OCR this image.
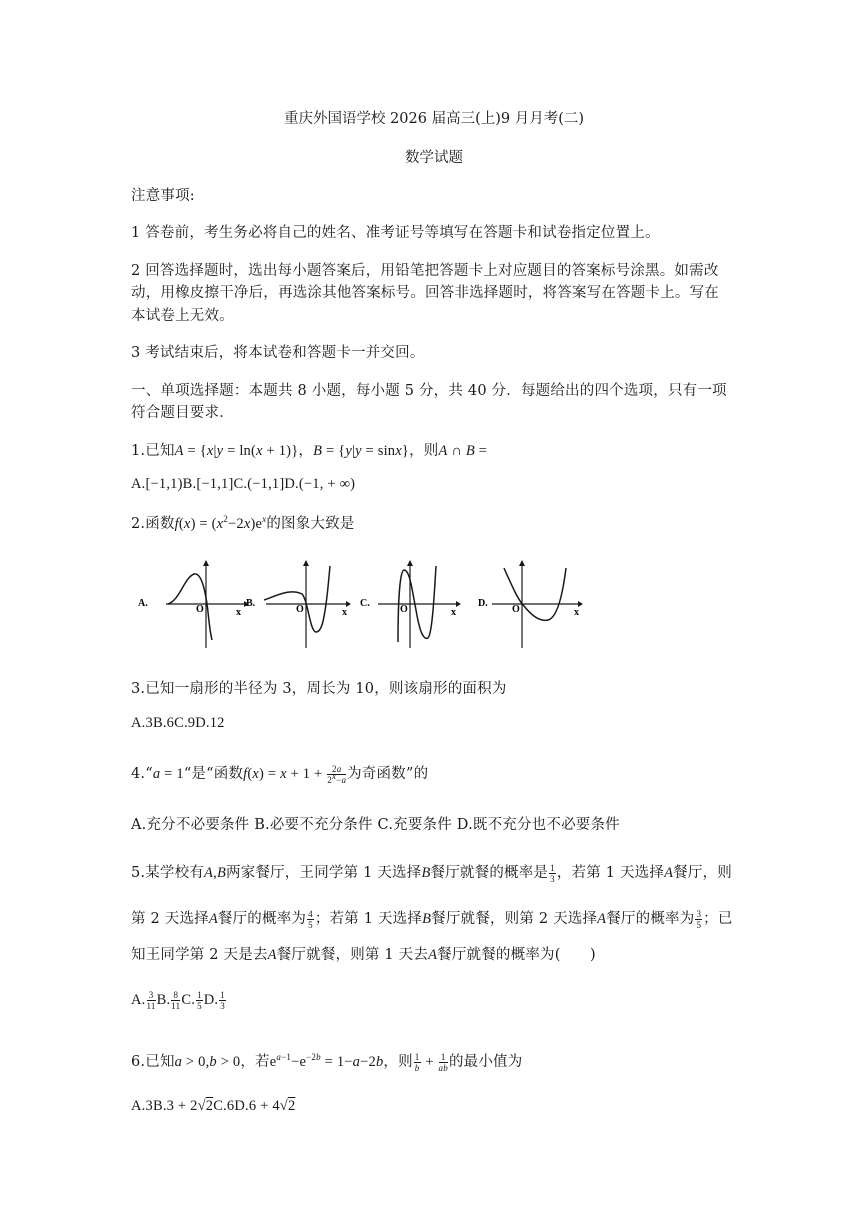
重庆外国语学校 2026 届高三(上)9 月月考(二)
数学试题
注意事项:
1 答卷前，考生务必将自己的姓名、准考证号等填写在答题卡和试卷指定位置上。
2 回答选择题时，选出每小题答案后，用铅笔把答题卡上对应题目的答案标号涂黑。如需改
动，用橡皮擦干净后，再选涂其他答案标号。回答非选择题时，将答案写在答题卡上。写在
本试卷上无效。
3 考试结束后，将本试卷和答题卡一并交回。
一、单项选择题：本题共 8 小题，每小题 5 分，共 40 分．每题给出的四个选项，只有一项
符合题目要求．
1.已知A = {x|y = ln(x + 1)}，B = {y|y = sinx}，则A ∩ B =
A.[−1,1)B.[−1,1]C.(−1,1]D.(−1, + ∞)
2.函数$f(x) = (x^2-2x)e^x$的图象大致是
A.
O	x
B.
O	x
C.
O	x
D.
O	x
3.已知一扇形的半径为 3，周长为 10，则该扇形的面积为
A.3B.6C.9D.12
4.“a = 1“是“函数$f(x) = x + 1 + \frac{2a}{2^x-a}$ 为奇函数”的
A.充分不必要条件 B.必要不充分条件 C.充要条件 D.既不充分也不必要条件
5.某学校有A,B两家餐厅，王同学第 1 天选择B餐厅就餐的概率是 $\frac{1}{3}$ ，若第 1 天选择A餐厅，则
第 2 天选择A餐厅的概率为 $\frac{4}{5}$ ；若第 1 天选择B餐厅就餐，则第 2 天选择A餐厅的概率为 $\frac{3}{5}$ ；已
知王同学第 2 天是去A餐厅就餐，则第 1 天去A餐厅就餐的概率为(　　)
A. $\frac{3}{11} B$. $\frac{8}{11} C$. $\frac{1}{5} D$. $\frac{1}{3}$
6.已知a > 0,b > 0，若$e^{a-1}-e^{-2b} = 1-a-2b$，则 $\frac{1}{b} + \frac{1}{ab}$ 的最小值为
A.3B.3 + 2√2C.6D.6 + 4√2
